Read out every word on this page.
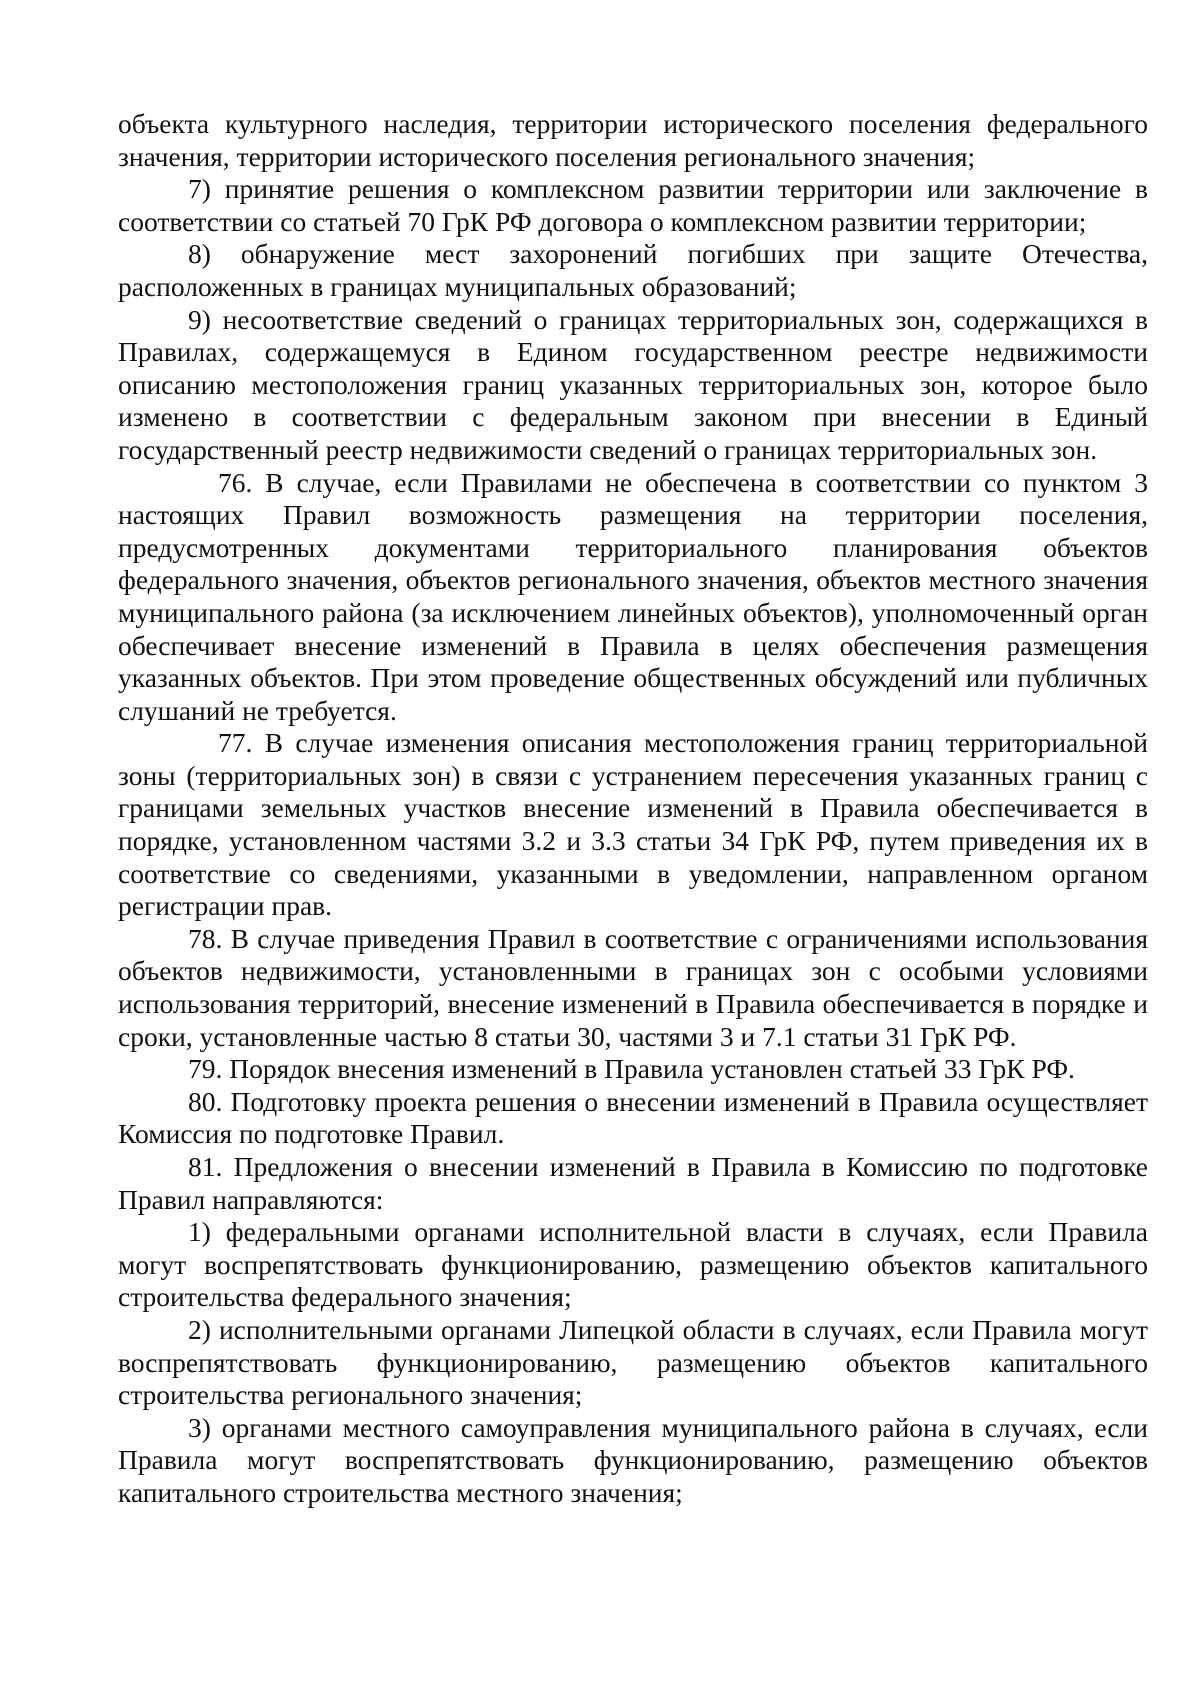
объекта культурного наследия, территории исторического поселения федерального значения, территории исторического поселения регионального значения;

7) принятие решения о комплексном развитии территории или заключение в соответствии со статьей 70 ГрК РФ договора о комплексном развитии территории;

8) обнаружение мест захоронений погибших при защите Отечества, расположенных в границах муниципальных образований;

9) несоответствие сведений о границах территориальных зон, содержащихся в Правилах, содержащемуся в Едином государственном реестре недвижимости описанию местоположения границ указанных территориальных зон, которое было изменено в соответствии с федеральным законом при внесении в Единый государственный реестр недвижимости сведений о границах территориальных зон.

76. В случае, если Правилами не обеспечена в соответствии со пунктом 3 настоящих Правил возможность размещения на территории поселения, предусмотренных документами территориального планирования объектов федерального значения, объектов регионального значения, объектов местного значения муниципального района (за исключением линейных объектов), уполномоченный орган обеспечивает внесение изменений в Правила в целях обеспечения размещения указанных объектов. При этом проведение общественных обсуждений или публичных слушаний не требуется.

77. В случае изменения описания местоположения границ территориальной зоны (территориальных зон) в связи с устранением пересечения указанных границ с границами земельных участков внесение изменений в Правила обеспечивается в порядке, установленном частями 3.2 и 3.3 статьи 34 ГрК РФ, путем приведения их в соответствие со сведениями, указанными в уведомлении, направленном органом регистрации прав.

78. В случае приведения Правил в соответствие с ограничениями использования объектов недвижимости, установленными в границах зон с особыми условиями использования территорий, внесение изменений в Правила обеспечивается в порядке и сроки, установленные частью 8 статьи 30, частями 3 и 7.1 статьи 31 ГрК РФ.

79. Порядок внесения изменений в Правила установлен статьей 33 ГрК РФ.

80. Подготовку проекта решения о внесении изменений в Правила осуществляет Комиссия по подготовке Правил.

81. Предложения о внесении изменений в Правила в Комиссию по подготовке Правил направляются:

1) федеральными органами исполнительной власти в случаях, если Правила могут воспрепятствовать функционированию, размещению объектов капитального строительства федерального значения;

2) исполнительными органами Липецкой области в случаях, если Правила могут воспрепятствовать функционированию, размещению объектов капитального строительства регионального значения;

3) органами местного самоуправления муниципального района в случаях, если Правила могут воспрепятствовать функционированию, размещению объектов капитального строительства местного значения;
